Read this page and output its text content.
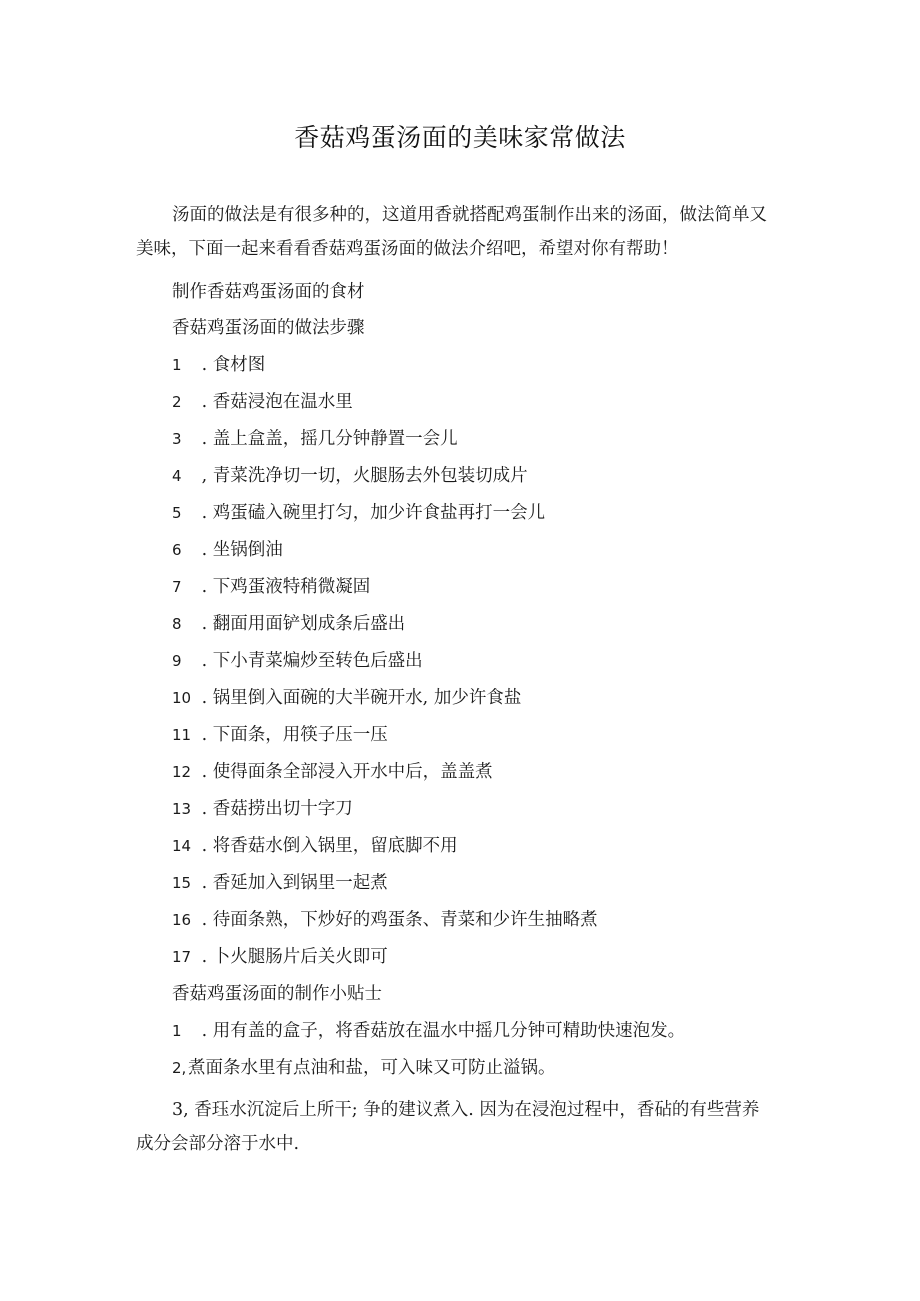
香菇鸡蛋汤面的美味家常做法

汤面的做法是有很多种的，这道用香就搭配鸡蛋制作出来的汤面，做法简单又美味，下面一起来看看香菇鸡蛋汤面的做法介绍吧，希望对你有帮助！

制作香菇鸡蛋汤面的食材

香菇鸡蛋汤面的做法步骤

1 . 食材图

2 . 香菇浸泡在温水里

3 . 盖上盒盖，摇几分钟静置一会儿

4 , 青菜洗净切一切，火腿肠去外包装切成片

5 . 鸡蛋磕入碗里打匀，加少许食盐再打一会儿

6 . 坐锅倒油

7 . 下鸡蛋液特稍微凝固

8 . 翻面用面铲划成条后盛出

9 . 下小青菜煸炒至转色后盛出

10 . 锅里倒入面碗的大半碗开水, 加少许食盐

11 . 下面条，用筷子压一压

12 . 使得面条全部浸入开水中后，盖盖煮

13 . 香菇捞出切十字刀

14 . 将香菇水倒入锅里，留底脚不用

15 . 香延加入到锅里一起煮

16 . 待面条熟，下炒好的鸡蛋条、青菜和少许生抽略煮

17 . 卜火腿肠片后关火即可

香菇鸡蛋汤面的制作小贴士

1 . 用有盖的盒子，将香菇放在温水中摇几分钟可精助快速泡发。

2,煮面条水里有点油和盐，可入味又可防止溢锅。

3, 香珏水沉淀后上所干; 争的建议煮入. 因为在浸泡过程中，香砧的有些营养成分会部分溶于水中.
